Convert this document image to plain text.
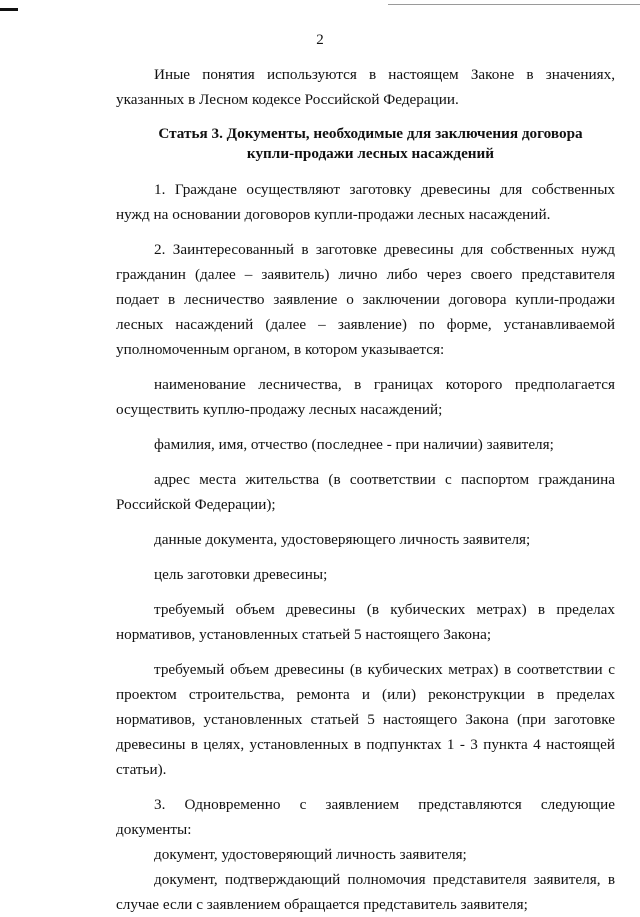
2

Иные понятия используются в настоящем Законе в значениях, указанных в Лесном кодексе Российской Федерации.

Статья 3. Документы, необходимые для заключения договора
купли-продажи лесных насаждений

1. Граждане осуществляют заготовку древесины для собственных нужд на основании договоров купли-продажи лесных насаждений.

2. Заинтересованный в заготовке древесины для собственных нужд гражданин (далее – заявитель) лично либо через своего представителя подает в лесничество заявление о заключении договора купли-продажи лесных насаждений (далее – заявление) по форме, устанавливаемой уполномоченным органом, в котором указывается:

наименование лесничества, в границах которого предполагается осуществить куплю-продажу лесных насаждений;

фамилия, имя, отчество (последнее - при наличии) заявителя;

адрес места жительства (в соответствии с паспортом гражданина Российской Федерации);

данные документа, удостоверяющего личность заявителя;

цель заготовки древесины;

требуемый объем древесины (в кубических метрах) в пределах нормативов, установленных статьей 5 настоящего Закона;

требуемый объем древесины (в кубических метрах) в соответствии с проектом строительства, ремонта и (или) реконструкции в пределах нормативов, установленных статьей 5 настоящего Закона (при заготовке древесины в целях, установленных в подпунктах 1 - 3 пункта 4 настоящей статьи).

3. Одновременно с заявлением представляются следующие документы:

документ, удостоверяющий личность заявителя;

документ, подтверждающий полномочия представителя заявителя, в случае если с заявлением обращается представитель заявителя;
